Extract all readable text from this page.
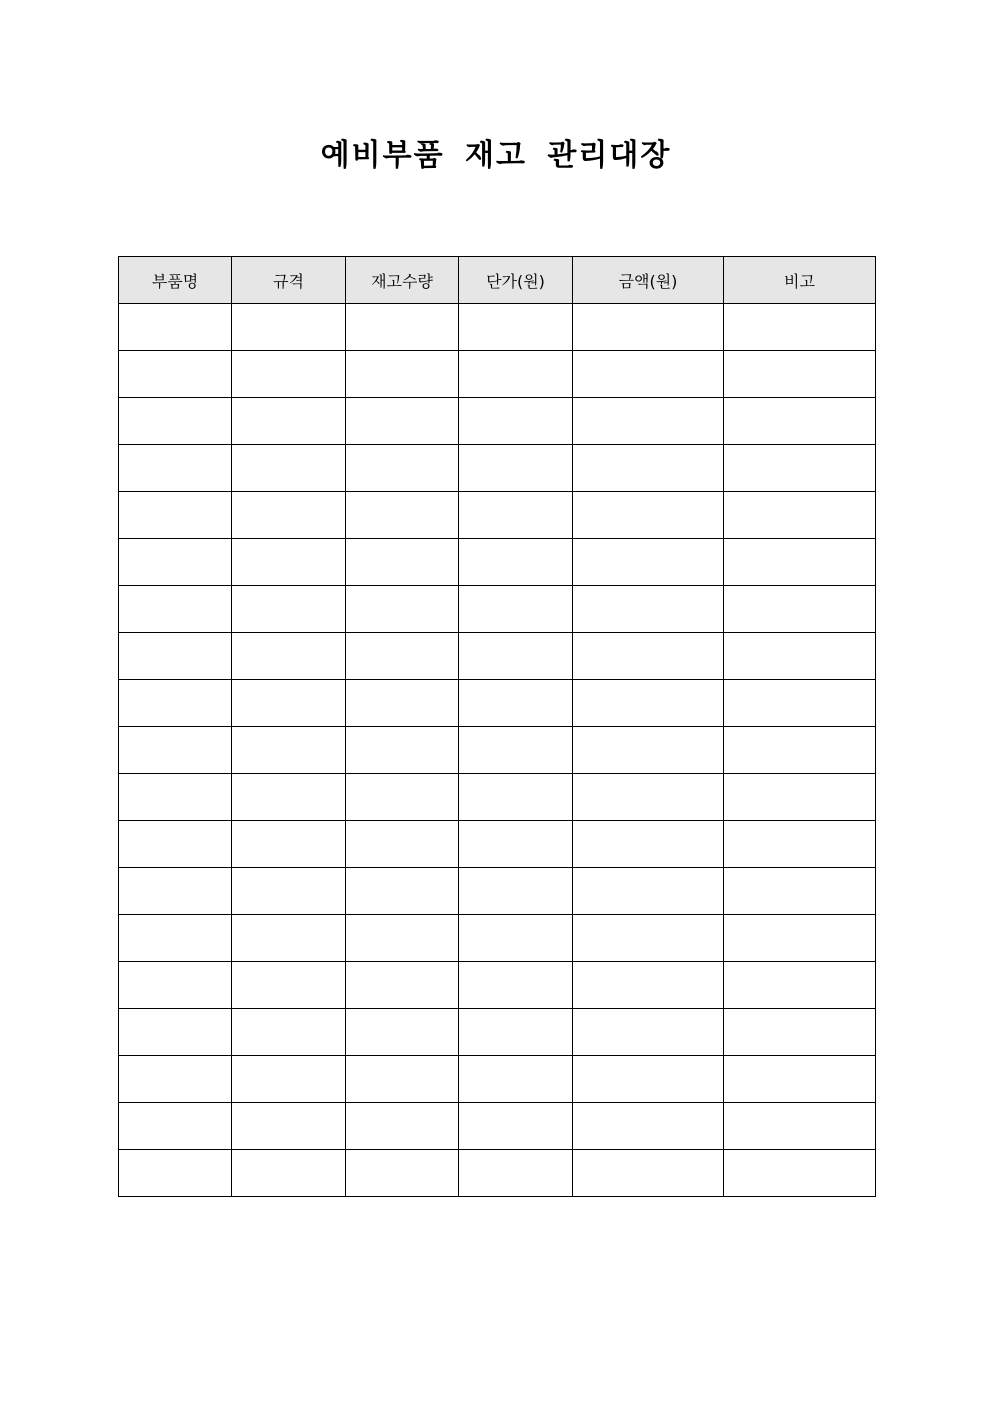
예비부품 재고 관리대장
부품명	규격	재고수량	단가(원)	금액(원)	비고
